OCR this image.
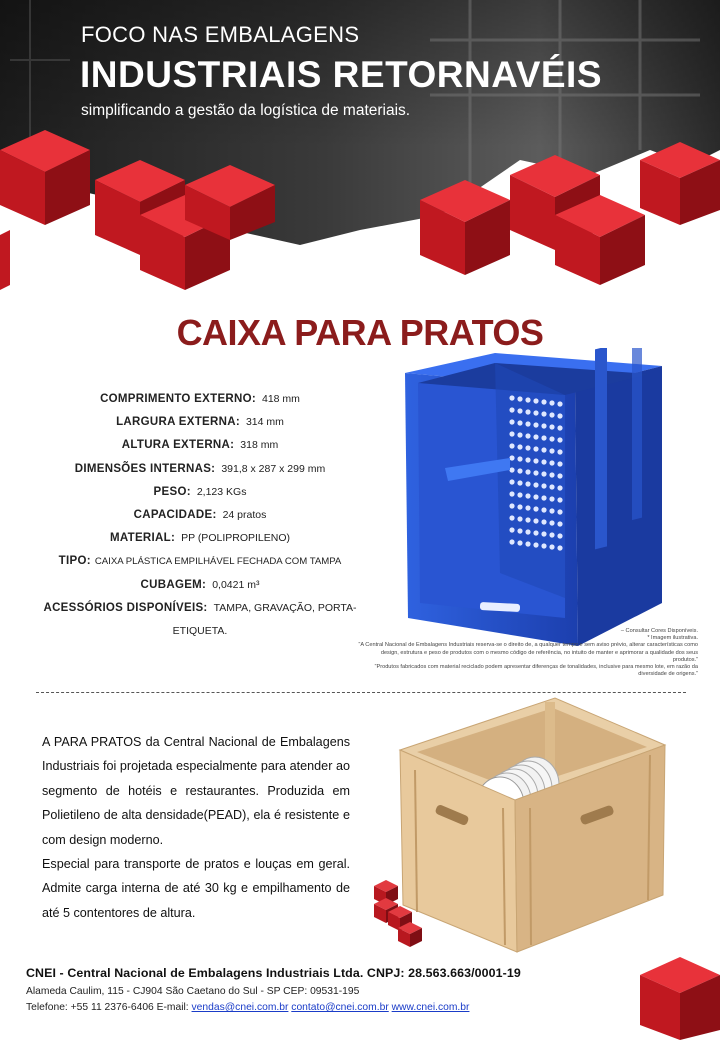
FOCO NAS EMBALAGENS
INDUSTRIAIS RETORNAVÉIS
simplificando a gestão da logística de materiais.
CAIXA PARA PRATOS
COMPRIMENTO EXTERNO: 418 mm
LARGURA EXTERNA: 314 mm
ALTURA EXTERNA: 318 mm
DIMENSÕES INTERNAS: 391,8 x 287 x 299 mm
PESO: 2,123 KGs
CAPACIDADE: 24 pratos
MATERIAL: PP (POLIPROPILENO)
TIPO: CAIXA PLÁSTICA EMPILHÁVEL FECHADA COM TAMPA
CUBAGEM: 0,0421 m³
ACESSÓRIOS DISPONÍVEIS: TAMPA, GRAVAÇÃO, PORTA-ETIQUETA.	– Consultar Cores Disponíveis.
* Imagem ilustrativa.
“A Central Nacional de Embalagens Industriais reserva-se o direito de, a qualquer tempo e sem aviso prévio, alterar características como design, estrutura e peso de produtos com o mesmo código de referência, no intuito de manter e aprimorar a qualidade dos seus produtos.”
“Produtos fabricados com material reciclado podem apresentar diferenças de tonalidades, inclusive para mesmo lote, em razão da diversidade de origens.”

A PARA PRATOS da Central Nacional de Embalagens Industriais foi projetada especialmente para atender ao segmento de hotéis e restaurantes. Produzida em Polietileno de alta densidade(PEAD), ela é resistente e com design moderno.

Especial para transporte de pratos e louças em geral. Admite carga interna de até 30 kg e empilhamento de até 5 contentores de altura.

CNEI - Central Nacional de Embalagens Industriais Ltda. CNPJ: 28.563.663/0001-19
Alameda Caulim, 115 - CJ904 São Caetano do Sul - SP CEP: 09531-195
Telefone: +55 11 2376-6406 E-mail: vendas@cnei.com.br contato@cnei.com.br www.cnei.com.br
